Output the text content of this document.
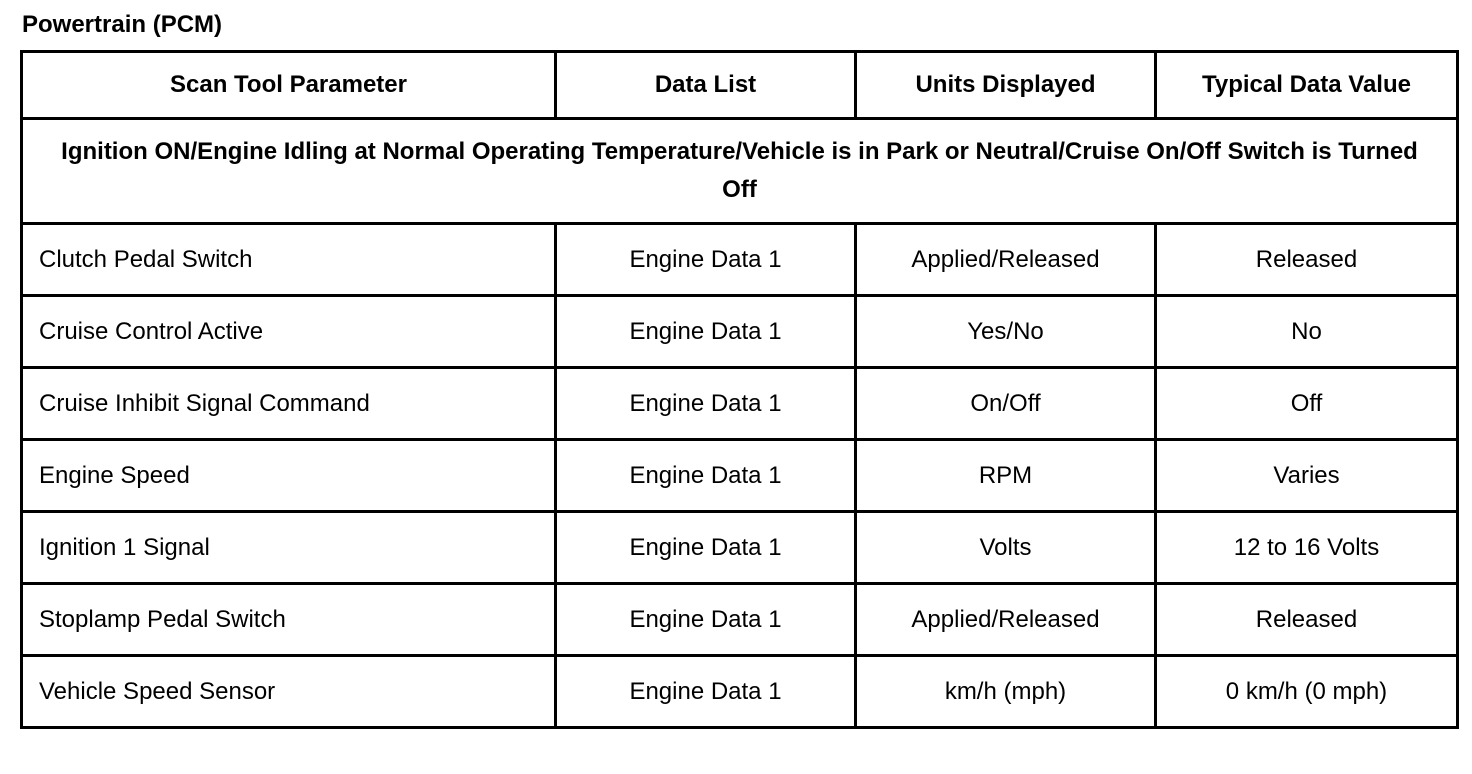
Powertrain (PCM)
Scan Tool Parameter	Data List	Units Displayed	Typical Data Value
Ignition ON/Engine Idling at Normal Operating Temperature/Vehicle is in Park or Neutral/Cruise On/Off Switch is Turned Off			
Clutch Pedal Switch	Engine Data 1	Applied/Released	Released
Cruise Control Active	Engine Data 1	Yes/No	No
Cruise Inhibit Signal Command	Engine Data 1	On/Off	Off
Engine Speed	Engine Data 1	RPM	Varies
Ignition 1 Signal	Engine Data 1	Volts	12 to 16 Volts
Stoplamp Pedal Switch	Engine Data 1	Applied/Released	Released
Vehicle Speed Sensor	Engine Data 1	km/h (mph)	0 km/h (0 mph)
